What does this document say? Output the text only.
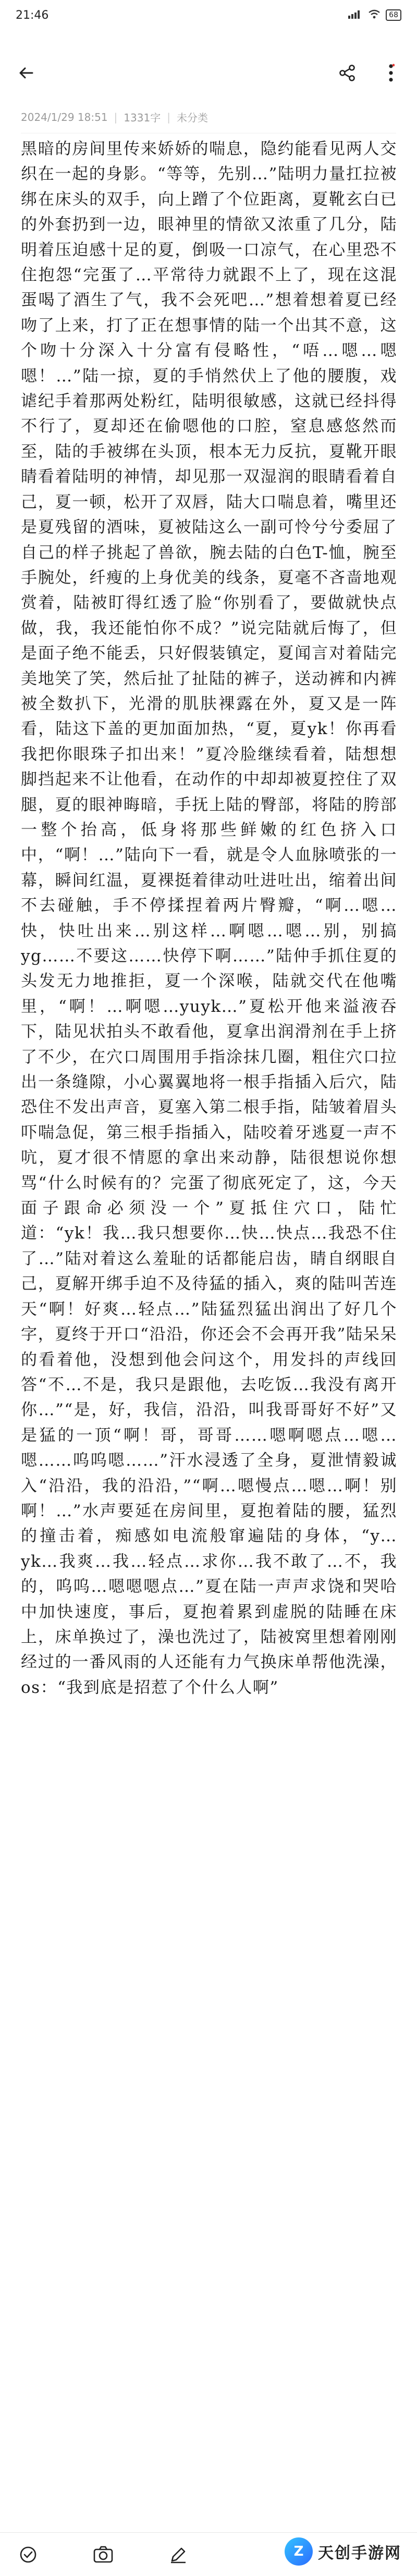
21:46	68
2024/1/29 18:51 | 1331字 | 未分类

黑暗的房间里传来娇娇的喘息，隐约能看见两人交织在一起的身影。“等等，先别…”陆明力量扛拉被绑在床头的双手，向上蹭了个位距离，夏靴玄白已的外套扔到一边，眼神里的情欲又浓重了几分，陆明着压迫感十足的夏，倒吸一口凉气，在心里恐不住抱怨“完蛋了…平常待力就跟不上了，现在这混蛋喝了酒生了气，我不会死吧…”想着想着夏已经吻了上来，打了正在想事情的陆一个出其不意，这个吻十分深入十分富有侵略性，“唔…嗯…嗯嗯！…”陆一掠，夏的手悄然伏上了他的腰腹，戏谑纪手着那两处粉红，陆明很敏感，这就已经抖得不行了，夏却还在偷嗯他的口腔，窒息感悠然而至，陆的手被绑在头顶，根本无力反抗，夏靴开眼睛看着陆明的神情，却见那一双湿润的眼睛看着自己，夏一顿，松开了双唇，陆大口喘息着，嘴里还是夏残留的酒味，夏被陆这么一副可怜兮兮委屈了自己的样子挑起了兽欲，腕去陆的白色T-恤，腕至手腕处，纤瘦的上身优美的线条，夏毫不吝啬地观赏着，陆被盯得红透了脸“你别看了，要做就快点做，我，我还能怕你不成？”说完陆就后悔了，但是面子绝不能丢，只好假装镇定，夏闻言对着陆完美地笑了笑，然后扯了扯陆的裤子，送动裤和内裤被全数扒下，光滑的肌肤裸露在外，夏又是一阵看，陆这下盖的更加面加热，“夏，夏yk！你再看我把你眼珠子扣出来！”夏冷脸继续看着，陆想想脚挡起来不让他看，在动作的中却却被夏控住了双腿，夏的眼神晦暗，手抚上陆的臀部，将陆的胯部一整个抬高，低身将那些鲜嫩的红色挤入口中，“啊！…”陆向下一看，就是令人血脉喷张的一幕，瞬间红温，夏裸挺着律动吐进吐出，缩着出间不去碰触，手不停揉捏着两片臀瓣，“啊…嗯…快，快吐出来…别这样…啊嗯…嗯…别，别搞yg……不要这……快停下啊……”陆仲手抓住夏的头发无力地推拒，夏一个深喉，陆就交代在他嘴里，“啊！…啊嗯…yuyk…”夏松开他来溢液吞下，陆见状拍头不敢看他，夏拿出润滑剂在手上挤了不少，在穴口周围用手指涂抹几圈，粗住穴口拉出一条缝隙，小心翼翼地将一根手指插入后穴，陆恐住不发出声音，夏塞入第二根手指，陆皱着眉头吓喘急促，第三根手指插入，陆咬着牙逃夏一声不吭，夏才很不情愿的拿出来动静，陆很想说你想骂“什么时候有的？完蛋了彻底死定了，这，今天面子跟命必须没一个”夏抵住穴口，陆忙道：“yk！我…我只想要你…快…快点…我恐不住了…”陆对着这么羞耻的话都能启齿，睛自纲眼自己，夏解开绑手迫不及待猛的插入，爽的陆叫苦连天“啊！好爽…轻点…”陆猛烈猛出润出了好几个字，夏终于开口“沿沿，你还会不会再开我”陆呆呆的看着他，没想到他会问这个，用发抖的声线回答“不…不是，我只是跟他，去吃饭…我没有离开你…”“是，好，我信，沿沿，叫我哥哥好不好”又是猛的一顶“啊！哥，哥哥……嗯啊嗯点…嗯…嗯……呜呜嗯……”汗水浸透了全身，夏泄情毅诚入“沿沿，我的沿沿，”“啊…嗯慢点…嗯…啊！别啊！…”水声要延在房间里，夏抱着陆的腰，猛烈的撞击着，痴感如电流般窜遍陆的身体，“y…yk…我爽…我…轻点…求你…我不敢了…不，我的，呜呜…嗯嗯嗯点…”夏在陆一声声求饶和哭哈中加快速度，事后，夏抱着累到虚脱的陆睡在床上，床单换过了，澡也洗过了，陆被窝里想着刚刚经过的一番风雨的人还能有力气换床单帮他洗澡，os：“我到底是招惹了个什么人啊”

Z 天创手游网
